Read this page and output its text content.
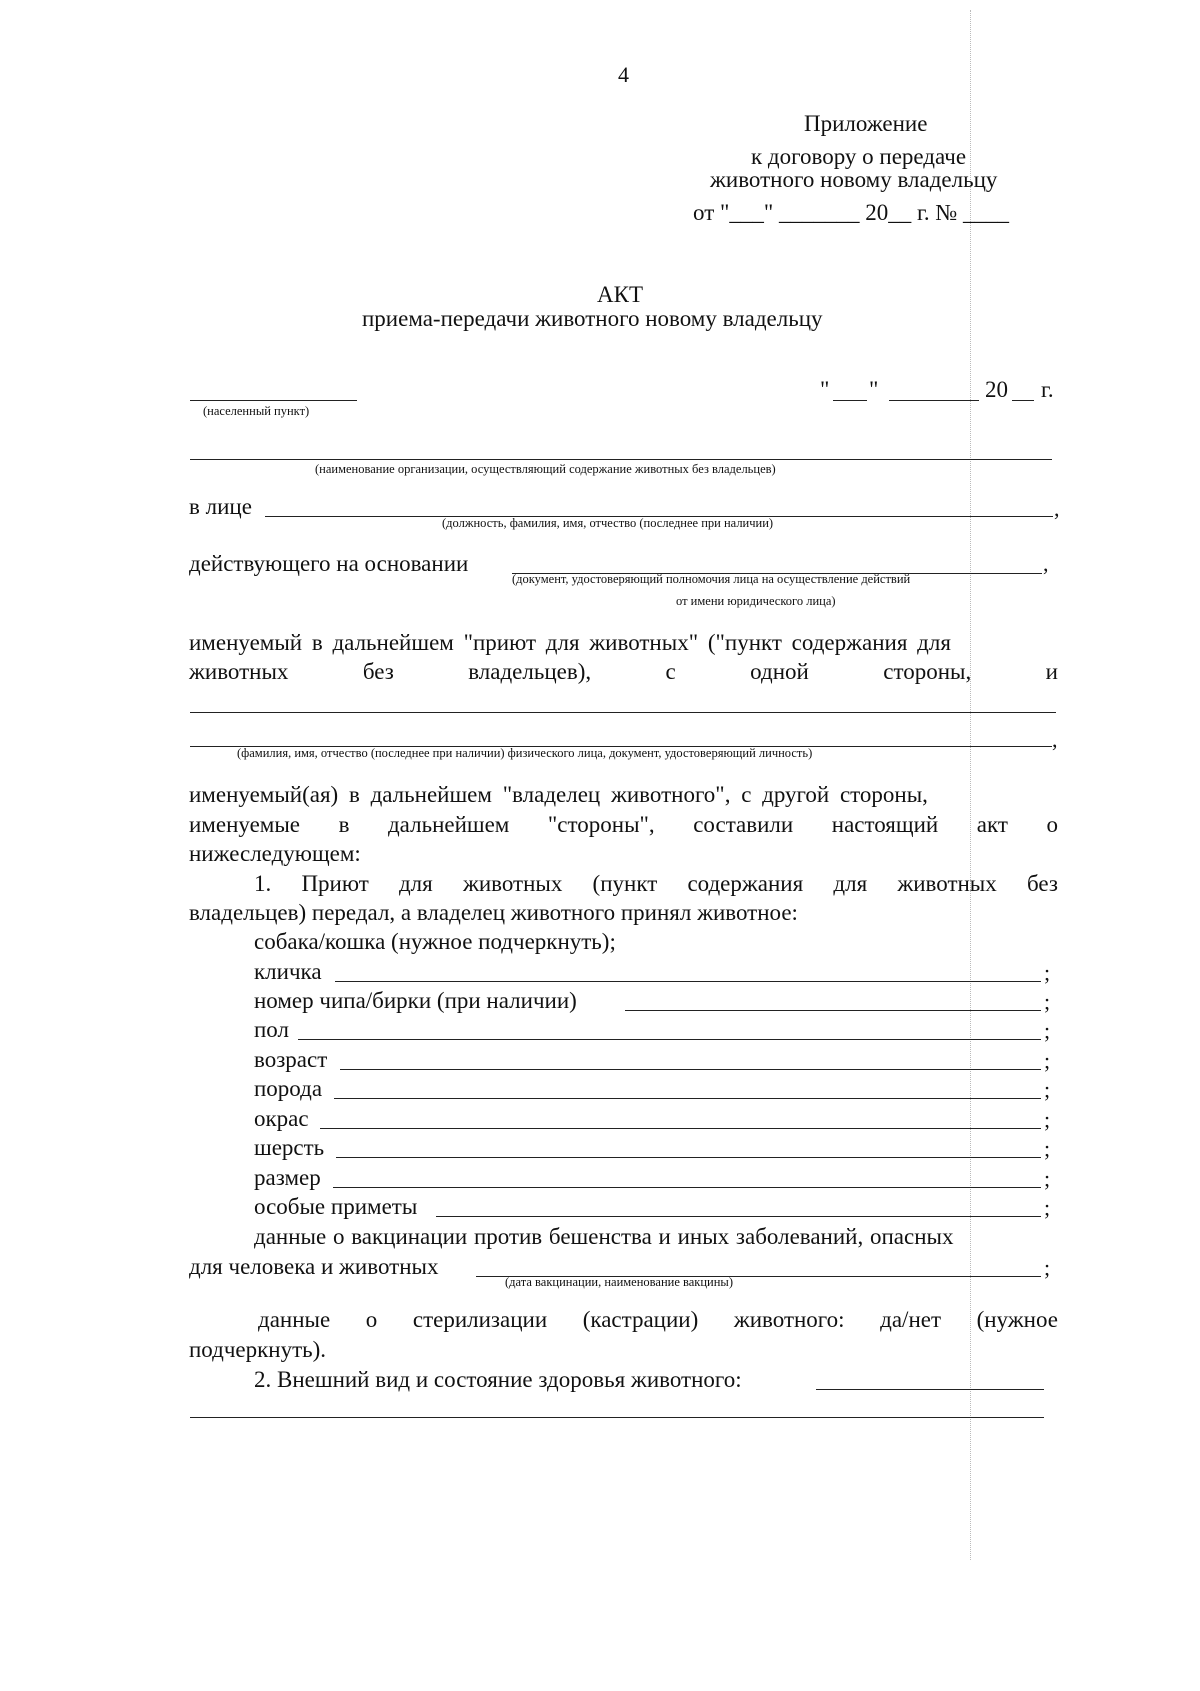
4
Приложение
к договору о передаче
животного новому владельцу
от "___" _______ 20__ г. № ____
АКТ
приема-передачи животного новому владельцу
(населенный пункт)
" "	20 г.
(наименование организации, осуществляющий содержание животных без владельцев)
в лице	,
(должность, фамилия, имя, отчество (последнее при наличии)
действующего на основании	,
(документ, удостоверяющий полномочия лица на осуществление действий
от имени юридического лица)
именуемый в дальнейшем "приют для животных" ("пункт содержания для
животных	без	владельцев),	с	одной	стороны,	и
,
(фамилия, имя, отчество (последнее при наличии) физического лица, документ, удостоверяющий личность)
именуемый(ая) в дальнейшем "владелец животного", с другой стороны,
именуемые в дальнейшем "стороны", составили настоящий акт о
нижеследующем:
1. Приют для животных (пункт содержания для животных без
владельцев) передал, а владелец животного принял животное:
собака/кошка (нужное подчеркнуть);
кличка	;
номер чипа/бирки (при наличии)	;
пол	;
возраст	;
порода	;
окрас	;
шерсть	;
размер	;
особые приметы	;
данные о вакцинации против бешенства и иных заболеваний, опасных
для человека и животных	;
(дата вакцинации, наименование вакцины)
данные о стерилизации (кастрации) животного: да/нет (нужное
подчеркнуть).
2. Внешний вид и состояние здоровья животного:
